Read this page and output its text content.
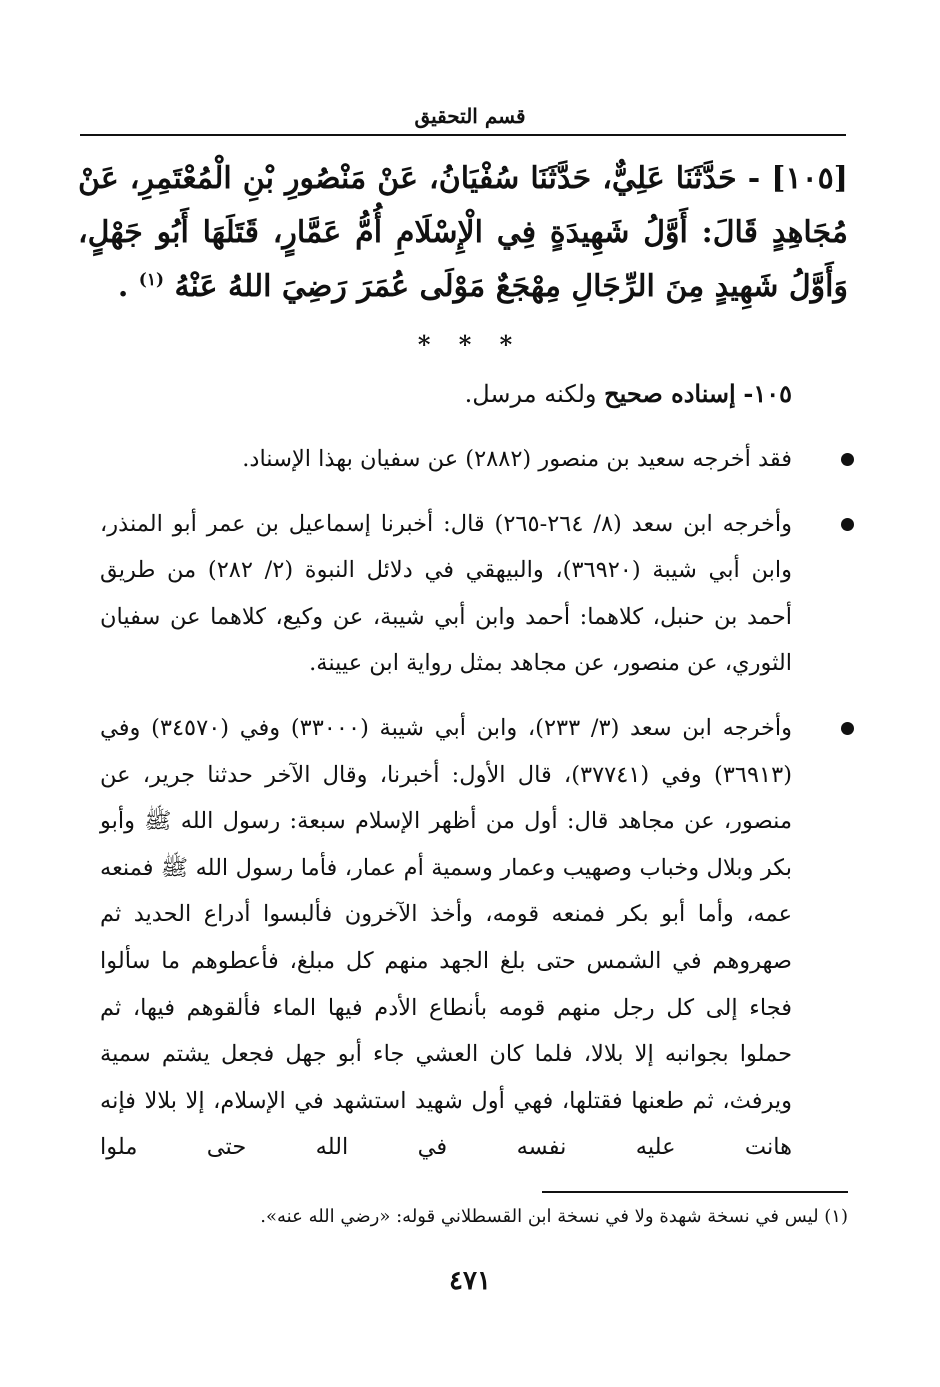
قسم التحقيق
[١٠٥] - حَدَّثَنَا عَلِيٌّ، حَدَّثَنَا سُفْيَانُ، عَنْ مَنْصُورِ بْنِ الْمُعْتَمِرِ، عَنْ مُجَاهِدٍ قَالَ: أَوَّلُ شَهِيدَةٍ فِي الْإِسْلَامِ أُمُّ عَمَّارٍ، قَتَلَهَا أَبُو جَهْلٍ، وَأَوَّلُ شَهِيدٍ مِنَ الرِّجَالِ مِهْجَعٌ مَوْلَى عُمَرَ رَضِيَ اللهُ عَنْهُ $^{(١)}$ .
* * *
١٠٥- إسناده صحيح ولكنه مرسل.
فقد أخرجه سعيد بن منصور (٢٨٨٢) عن سفيان بهذا الإسناد.
وأخرجه ابن سعد (٨/ ٢٦٤-٢٦٥) قال: أخبرنا إسماعيل بن عمر أبو المنذر، وابن أبي شيبة (٣٦٩٢٠)، والبيهقي في دلائل النبوة (٢/ ٢٨٢) من طريق أحمد بن حنبل، كلاهما: أحمد وابن أبي شيبة، عن وكيع، كلاهما عن سفيان الثوري، عن منصور، عن مجاهد بمثل رواية ابن عيينة.
وأخرجه ابن سعد (٣/ ٢٣٣)، وابن أبي شيبة (٣٣٠٠٠) وفي (٣٤٥٧٠) وفي (٣٦٩١٣) وفي (٣٧٧٤١)، قال الأول: أخبرنا، وقال الآخر حدثنا جرير، عن منصور، عن مجاهد قال: أول من أظهر الإسلام سبعة: رسول الله ﷺ وأبو بكر وبلال وخباب وصهيب وعمار وسمية أم عمار، فأما رسول الله ﷺ فمنعه عمه، وأما أبو بكر فمنعه قومه، وأخذ الآخرون فألبسوا أدراع الحديد ثم صهروهم في الشمس حتى بلغ الجهد منهم كل مبلغ، فأعطوهم ما سألوا فجاء إلى كل رجل منهم قومه بأنطاع الأدم فيها الماء فألقوهم فيها، ثم حملوا بجوانبه إلا بلالا، فلما كان العشي جاء أبو جهل فجعل يشتم سمية ويرفث، ثم طعنها فقتلها، فهي أول شهيد استشهد في الإسلام، إلا بلالا فإنه هانت عليه نفسه في الله حتى ملوا
(١) ليس في نسخة شهدة ولا في نسخة ابن القسطلاني قوله: «رضي الله عنه».
٤٧١
